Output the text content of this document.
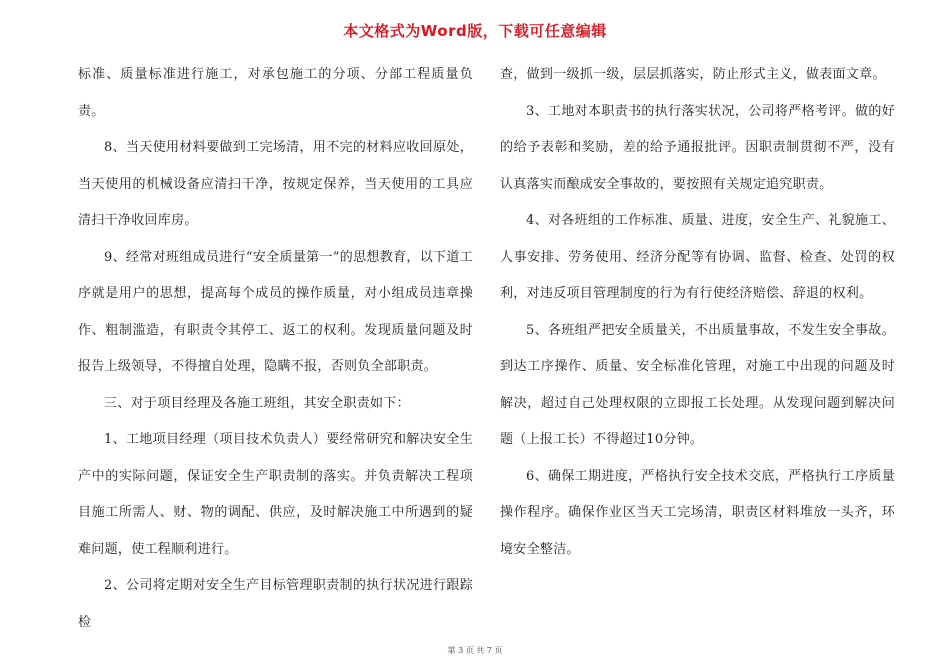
本文格式为Word版，下载可任意编辑

标准、质量标准进行施工，对承包施工的分项、分部工程质量负责。

8、当天使用材料要做到工完场清，用不完的材料应收回原处，当天使用的机械设备应清扫干净，按规定保养，当天使用的工具应清扫干净收回库房。

9、经常对班组成员进行“安全质量第一”的思想教育，以下道工序就是用户的思想，提高每个成员的操作质量，对小组成员违章操作、粗制滥造，有职责令其停工、返工的权利。发现质量问题及时报告上级领导，不得擅自处理，隐瞒不报，否则负全部职责。

三、对于项目经理及各施工班组，其安全职责如下：

1、工地项目经理（项目技术负责人）要经常研究和解决安全生产中的实际问题，保证安全生产职责制的落实。并负责解决工程项目施工所需人、财、物的调配、供应，及时解决施工中所遇到的疑难问题，使工程顺利进行。

2、公司将定期对安全生产目标管理职责制的执行状况进行跟踪检

查，做到一级抓一级，层层抓落实，防止形式主义，做表面文章。

3、工地对本职责书的执行落实状况，公司将严格考评。做的好的给予表彰和奖励，差的给予通报批评。因职责制贯彻不严，没有认真落实而酿成安全事故的，要按照有关规定追究职责。

4、对各班组的工作标准、质量、进度，安全生产、礼貌施工、人事安排、劳务使用、经济分配等有协调、监督、检查、处罚的权利，对违反项目管理制度的行为有行使经济赔偿、辞退的权利。

5、各班组严把安全质量关，不出质量事故，不发生安全事故。到达工序操作、质量、安全标准化管理，对施工中出现的问题及时解决，超过自己处理权限的立即报工长处理。从发现问题到解决问题（上报工长）不得超过10分钟。

6、确保工期进度，严格执行安全技术交底，严格执行工序质量操作程序。确保作业区当天工完场清，职责区材料堆放一头齐，环境安全整洁。

第 3 页 共 7 页
